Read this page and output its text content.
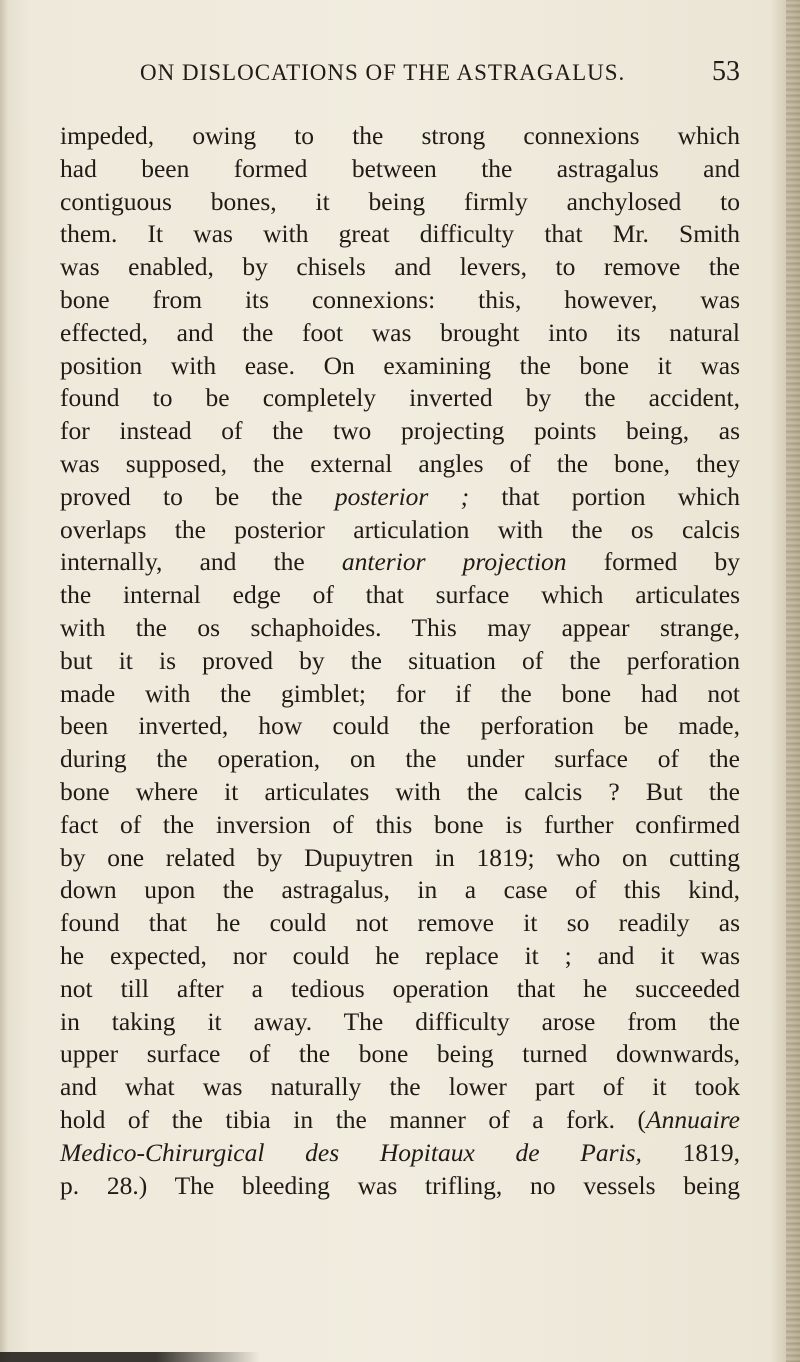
ON DISLOCATIONS OF THE ASTRAGALUS.	53
impeded, owing to the strong connexions which
had been formed between the astragalus and
contiguous bones, it being firmly anchylosed to
them. It was with great difficulty that Mr. Smith
was enabled, by chisels and levers, to remove the
bone from its connexions: this, however, was
effected, and the foot was brought into its natural
position with ease. On examining the bone it was
found to be completely inverted by the accident,
for instead of the two projecting points being, as
was supposed, the external angles of the bone, they
proved to be the posterior ; that portion which
overlaps the posterior articulation with the os calcis
internally, and the anterior projection formed by
the internal edge of that surface which articulates
with the os schaphoides. This may appear strange,
but it is proved by the situation of the perforation
made with the gimblet; for if the bone had not
been inverted, how could the perforation be made,
during the operation, on the under surface of the
bone where it articulates with the calcis ? But the
fact of the inversion of this bone is further confirmed
by one related by Dupuytren in 1819; who on cutting
down upon the astragalus, in a case of this kind,
found that he could not remove it so readily as
he expected, nor could he replace it ; and it was
not till after a tedious operation that he succeeded
in taking it away. The difficulty arose from the
upper surface of the bone being turned downwards,
and what was naturally the lower part of it took
hold of the tibia in the manner of a fork. (Annuaire
Medico-Chirurgical des Hopitaux de Paris, 1819,
p. 28.) The bleeding was trifling, no vessels being
